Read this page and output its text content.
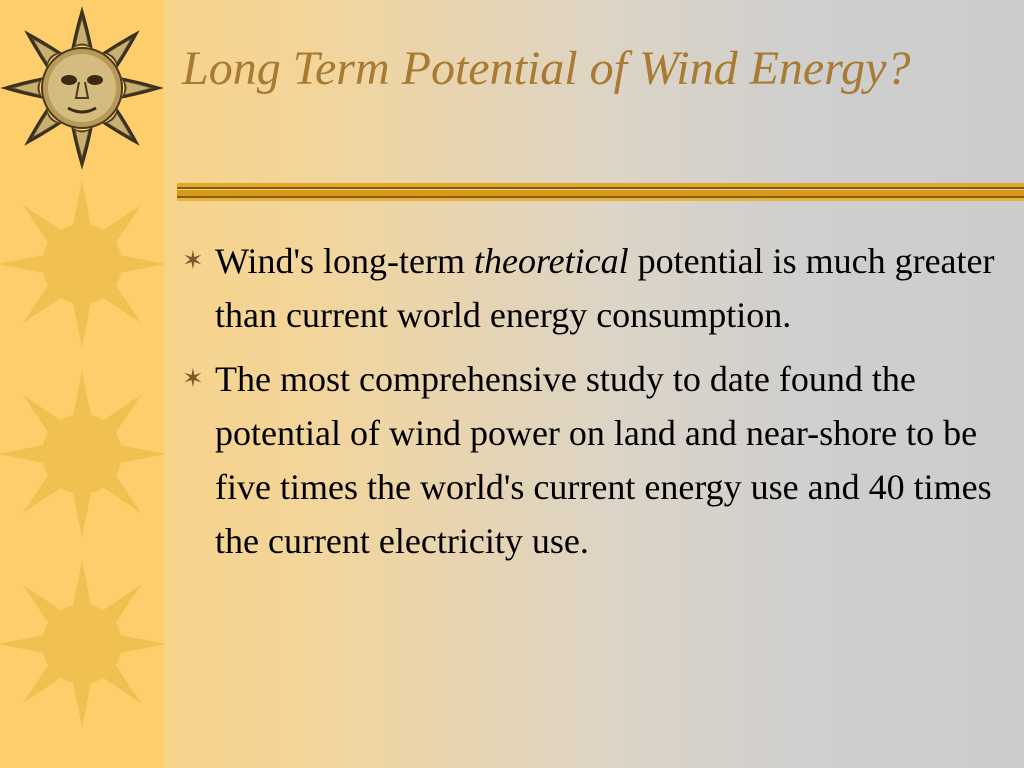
Long Term Potential of Wind Energy?

✶ Wind's long-term theoretical potential is much greater than current world energy consumption.

✶ The most comprehensive study to date found the potential of wind power on land and near-shore to be five times the world's current energy use and 40 times the current electricity use.
